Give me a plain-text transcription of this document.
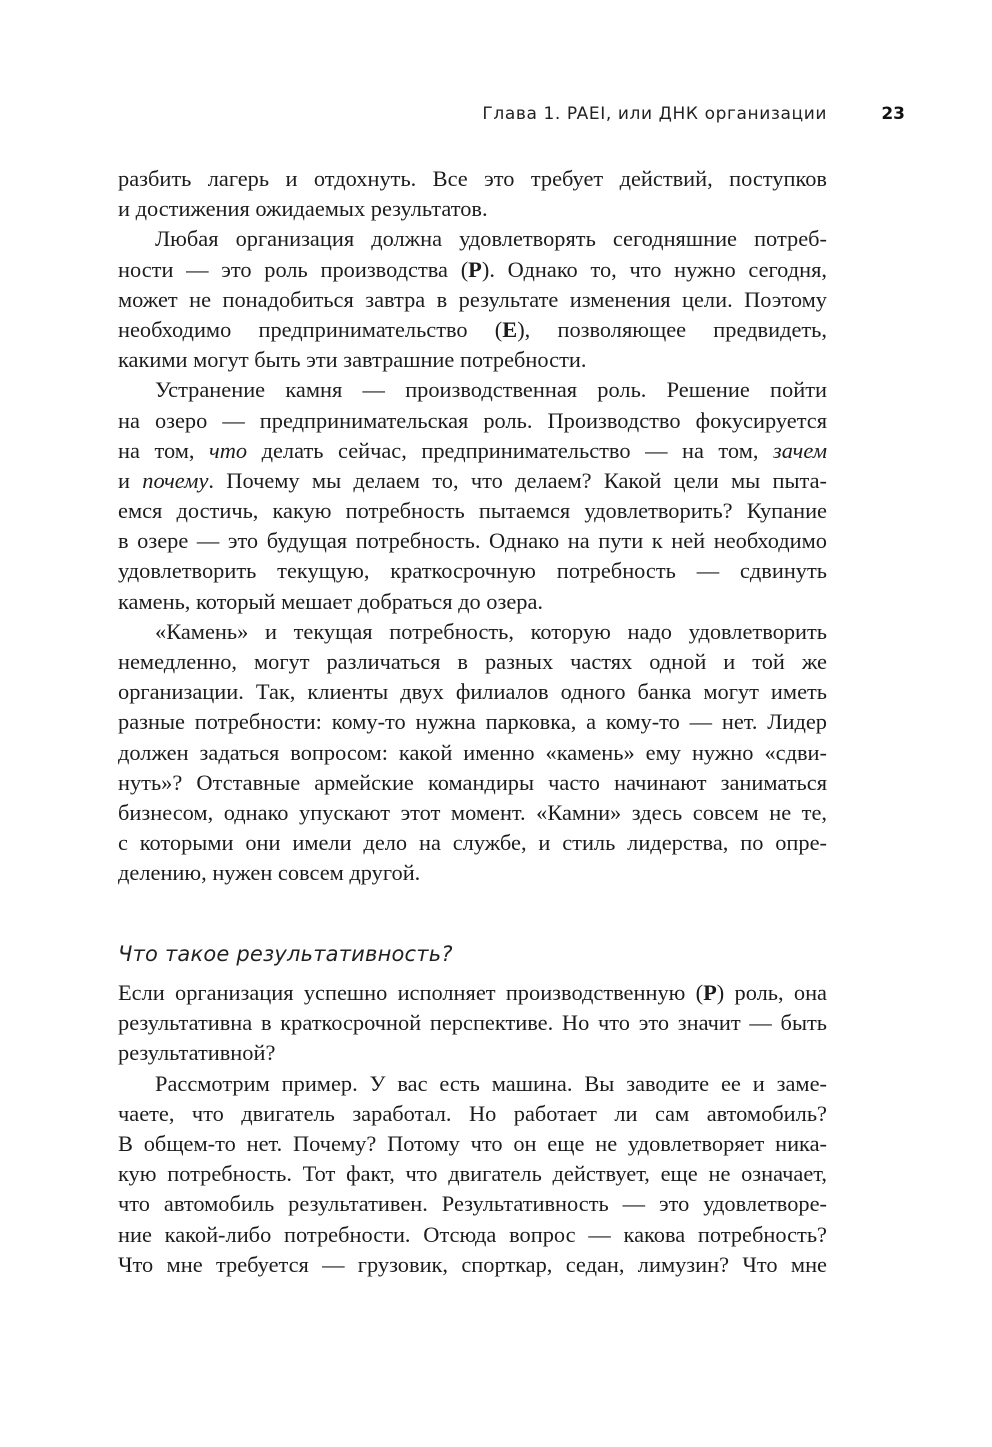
Глава 1. PAEI, или ДНК организации	23

разбить лагерь и отдохнуть. Все это требует действий, поступков
и достижения ожидаемых результатов.

Любая организация должна удовлетворять сегодняшние потреб-
ности — это роль производства (P). Однако то, что нужно сегодня,
может не понадобиться завтра в результате изменения цели. Поэтому
необходимо предпринимательство (E), позволяющее предвидеть,
какими могут быть эти завтрашние потребности.

Устранение камня — производственная роль. Решение пойти
на озеро — предпринимательская роль. Производство фокусируется
на том, что делать сейчас, предпринимательство — на том, зачем
и почему. Почему мы делаем то, что делаем? Какой цели мы пыта-
емся достичь, какую потребность пытаемся удовлетворить? Купание
в озере — это будущая потребность. Однако на пути к ней необходимо
удовлетворить текущую, краткосрочную потребность — сдвинуть
камень, который мешает добраться до озера.

«Камень» и текущая потребность, которую надо удовлетворить
немедленно, могут различаться в разных частях одной и той же
организации. Так, клиенты двух филиалов одного банка могут иметь
разные потребности: кому-то нужна парковка, а кому-то — нет. Лидер
должен задаться вопросом: какой именно «камень» ему нужно «сдви-
нуть»? Отставные армейские командиры часто начинают заниматься
бизнесом, однако упускают этот момент. «Камни» здесь совсем не те,
с которыми они имели дело на службе, и стиль лидерства, по опре-
делению, нужен совсем другой.

Что такое результативность?

Если организация успешно исполняет производственную (P) роль, она
результативна в краткосрочной перспективе. Но что это значит — быть
результативной?

Рассмотрим пример. У вас есть машина. Вы заводите ее и заме-
чаете, что двигатель заработал. Но работает ли сам автомобиль?
В общем-то нет. Почему? Потому что он еще не удовлетворяет ника-
кую потребность. Тот факт, что двигатель действует, еще не означает,
что автомобиль результативен. Результативность — это удовлетворе-
ние какой-либо потребности. Отсюда вопрос — какова потребность?
Что мне требуется — грузовик, спорткар, седан, лимузин? Что мне
